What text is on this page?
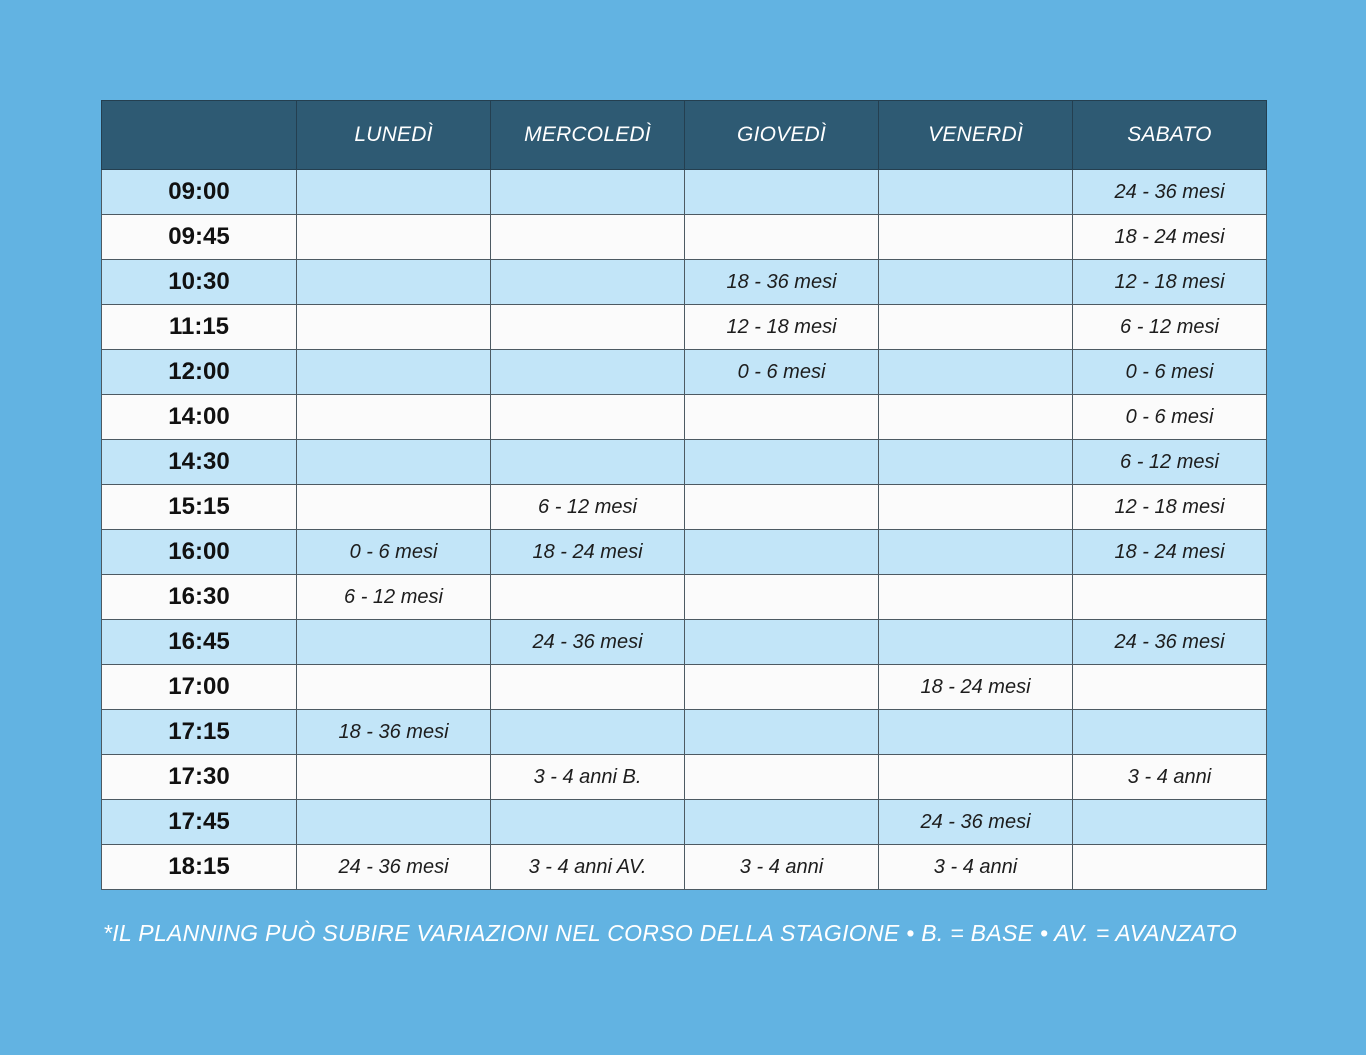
	LUNEDÌ	MERCOLEDÌ	GIOVEDÌ	VENERDÌ	SABATO
09:00					24 - 36 mesi
09:45					18 - 24 mesi
10:30			18 - 36 mesi		12 - 18 mesi
11:15			12 - 18 mesi		6 - 12 mesi
12:00			0 - 6 mesi		0 - 6 mesi
14:00					0 - 6 mesi
14:30					6 - 12 mesi
15:15		6 - 12 mesi			12 - 18 mesi
16:00	0 - 6 mesi	18 - 24 mesi			18 - 24 mesi
16:30	6 - 12 mesi				
16:45		24 - 36 mesi			24 - 36 mesi
17:00				18 - 24 mesi	
17:15	18 - 36 mesi				
17:30		3 - 4 anni B.			3 - 4 anni
17:45				24 - 36 mesi	
18:15	24 - 36 mesi	3 - 4 anni AV.	3 - 4 anni	3 - 4 anni	
*IL PLANNING PUÒ SUBIRE VARIAZIONI NEL CORSO DELLA STAGIONE • B. = BASE • AV. = AVANZATO
